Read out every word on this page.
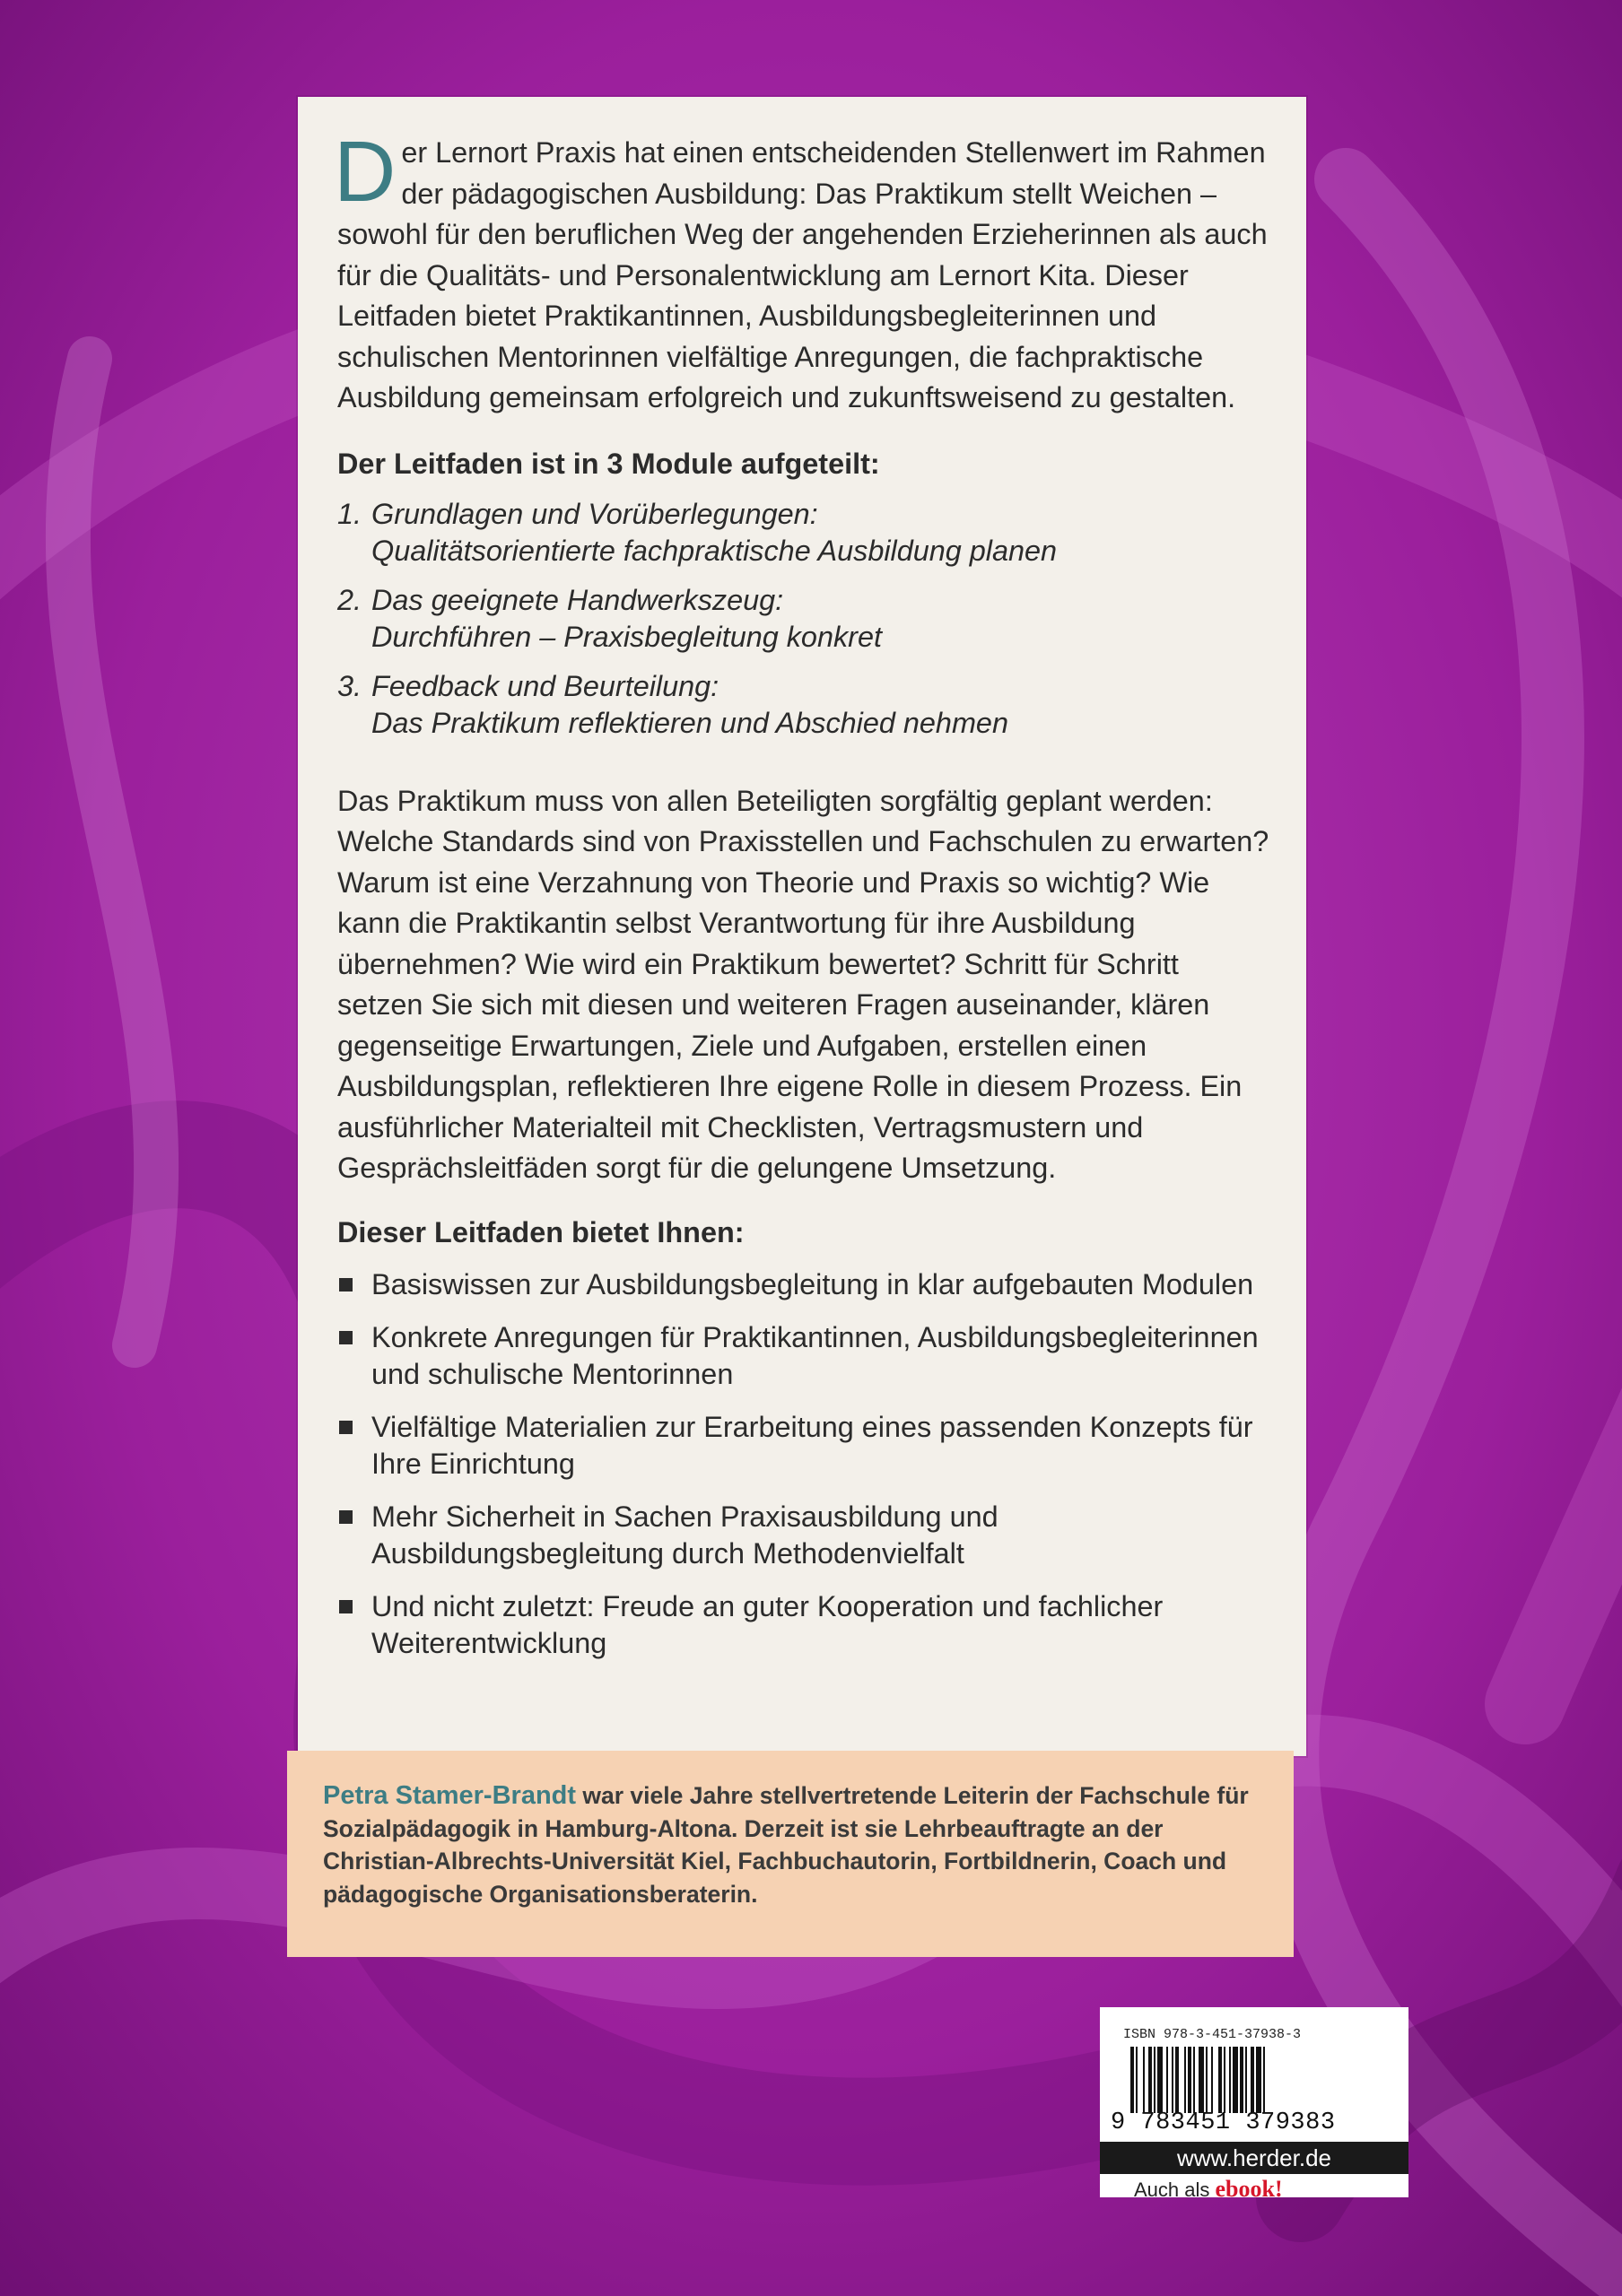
D er Lernort Praxis hat einen entscheidenden Stellenwert im Rahmen der pädagogischen Ausbildung: Das Praktikum stellt Weichen – sowohl für den beruflichen Weg der angehenden Erzieherinnen als auch für die Qualitäts- und Personalentwicklung am Lernort Kita. Dieser Leitfaden bietet Praktikantinnen, Ausbildungsbegleiterinnen und schulischen Mentorinnen vielfältige Anregungen, die fachpraktische Ausbildung gemeinsam erfolgreich und zukunftsweisend zu gestalten.

Der Leitfaden ist in 3 Module aufgeteilt:

1. Grundlagen und Vorüberlegungen:
Qualitätsorientierte fachpraktische Ausbildung planen
2. Das geeignete Handwerkszeug:
Durchführen – Praxisbegleitung konkret
3. Feedback und Beurteilung:
Das Praktikum reflektieren und Abschied nehmen

Das Praktikum muss von allen Beteiligten sorgfältig geplant werden: Welche Standards sind von Praxisstellen und Fachschulen zu erwarten? Warum ist eine Verzahnung von Theorie und Praxis so wichtig? Wie kann die Praktikantin selbst Verantwortung für ihre Ausbildung übernehmen? Wie wird ein Praktikum bewertet? Schritt für Schritt setzen Sie sich mit diesen und weiteren Fragen auseinander, klären gegenseitige Erwartungen, Ziele und Aufgaben, erstellen einen Ausbildungsplan, reflektieren Ihre eigene Rolle in diesem Prozess. Ein ausführlicher Materialteil mit Checklisten, Vertragsmustern und Gesprächsleitfäden sorgt für die gelungene Umsetzung.

Dieser Leitfaden bietet Ihnen:

Basiswissen zur Ausbildungsbegleitung in klar aufgebauten Modulen
Konkrete Anregungen für Praktikantinnen, Ausbildungsbegleiterinnen und schulische Mentorinnen
Vielfältige Materialien zur Erarbeitung eines passenden Konzepts für Ihre Einrichtung
Mehr Sicherheit in Sachen Praxisausbildung und Ausbildungsbegleitung durch Methodenvielfalt
Und nicht zuletzt: Freude an guter Kooperation und fachlicher Weiterentwicklung

Petra Stamer-Brandt war viele Jahre stellvertretende Leiterin der Fachschule für Sozialpädagogik in Hamburg-Altona. Derzeit ist sie Lehrbeauftragte an der Christian-Albrechts-Universität Kiel, Fachbuchautorin, Fortbildnerin, Coach und pädagogische Organisationsberaterin.

ISBN 978-3-451-37938-3
9 783451 379383
www.herder.de
Auch als ebook!
